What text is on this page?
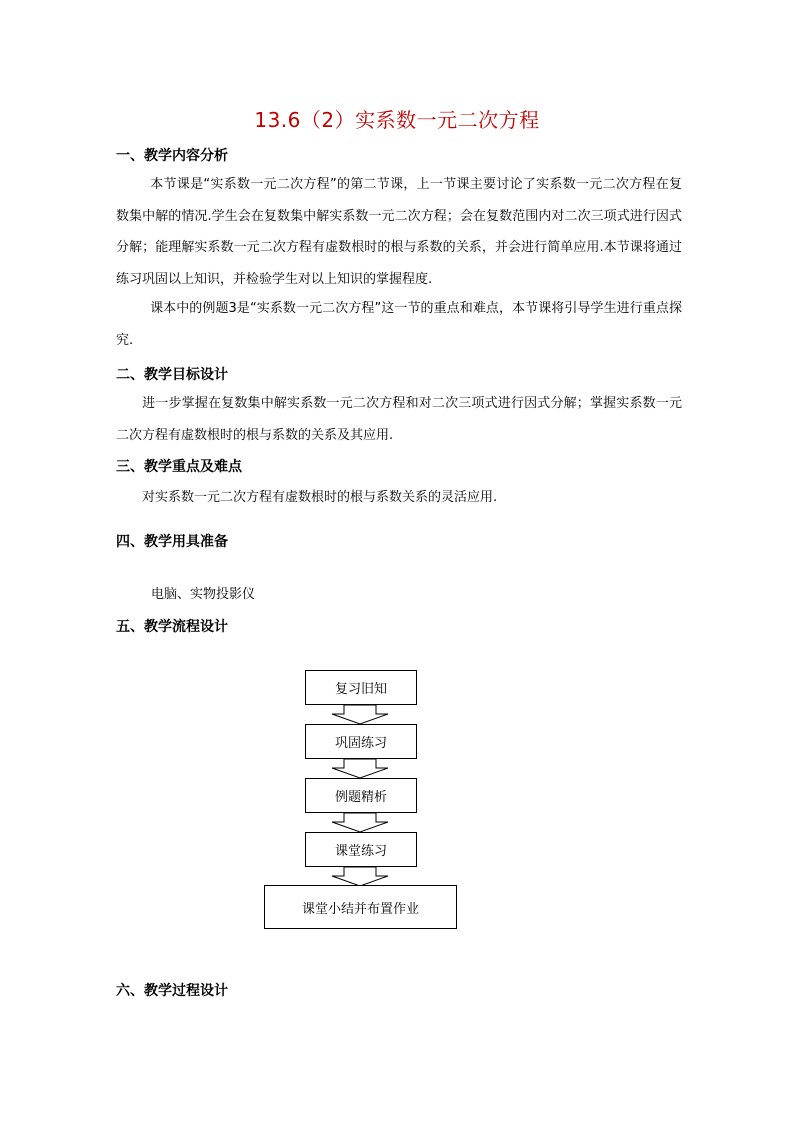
13.6（2）实系数一元二次方程
一、教学内容分析
本节课是“实系数一元二次方程”的第二节课，上一节课主要讨论了实系数一元二次方程在复数集中解的情况.学生会在复数集中解实系数一元二次方程；会在复数范围内对二次三项式进行因式分解；能理解实系数一元二次方程有虚数根时的根与系数的关系，并会进行简单应用.本节课将通过练习巩固以上知识，并检验学生对以上知识的掌握程度.
课本中的例题3是“实系数一元二次方程”这一节的重点和难点，本节课将引导学生进行重点探究.
二、教学目标设计
进一步掌握在复数集中解实系数一元二次方程和对二次三项式进行因式分解；掌握实系数一元二次方程有虚数根时的根与系数的关系及其应用.
三、教学重点及难点
对实系数一元二次方程有虚数根时的根与系数关系的灵活应用.
四、教学用具准备
电脑、实物投影仪
五、教学流程设计
复习旧知
巩固练习
例题精析
课堂练习
课堂小结并布置作业
六、教学过程设计
